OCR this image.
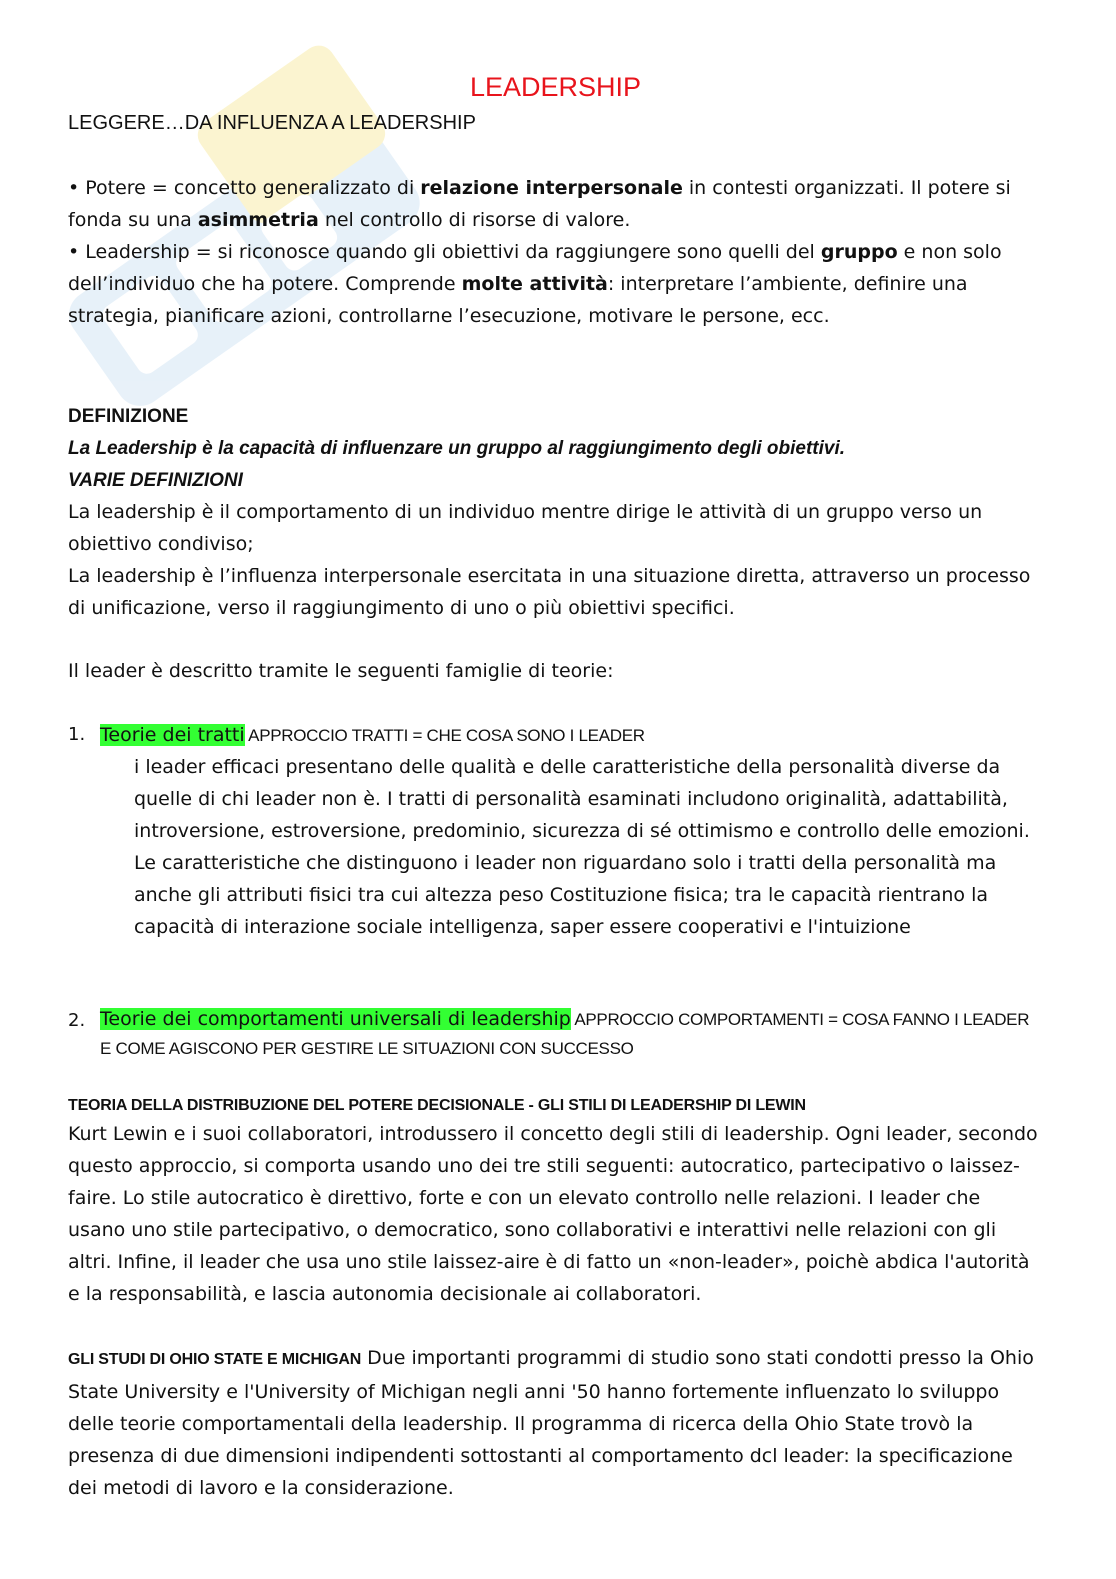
LEADERSHIP
LEGGERE…DA INFLUENZA A LEADERSHIP

• Potere = concetto generalizzato di relazione interpersonale in contesti organizzati. Il potere si fonda su una asimmetria nel controllo di risorse di valore.

• Leadership = si riconosce quando gli obiettivi da raggiungere sono quelli del gruppo e non solo dell’individuo che ha potere. Comprende molte attività: interpretare l’ambiente, definire una strategia, pianificare azioni, controllarne l’esecuzione, motivare le persone, ecc.

DEFINIZIONE

La Leadership è la capacità di influenzare un gruppo al raggiungimento degli obiettivi.

VARIE DEFINIZIONI

La leadership è il comportamento di un individuo mentre dirige le attività di un gruppo verso un obiettivo condiviso;

La leadership è l’influenza interpersonale esercitata in una situazione diretta, attraverso un processo di unificazione, verso il raggiungimento di uno o più obiettivi specifici.

Il leader è descritto tramite le seguenti famiglie di teorie:

1. Teorie dei tratti APPROCCIO TRATTI = CHE COSA SONO I LEADER

i leader efficaci presentano delle qualità e delle caratteristiche della personalità diverse da quelle di chi leader non è. I tratti di personalità esaminati includono originalità, adattabilità, introversione, estroversione, predominio, sicurezza di sé ottimismo e controllo delle emozioni. Le caratteristiche che distinguono i leader non riguardano solo i tratti della personalità ma anche gli attributi fisici tra cui altezza peso Costituzione fisica; tra le capacità rientrano la capacità di interazione sociale intelligenza, saper essere cooperativi e l'intuizione

2. Teorie dei comportamenti universali di leadership APPROCCIO COMPORTAMENTI = COSA FANNO I LEADER E COME AGISCONO PER GESTIRE LE SITUAZIONI CON SUCCESSO

TEORIA DELLA DISTRIBUZIONE DEL POTERE DECISIONALE - GLI STILI DI LEADERSHIP DI LEWIN

Kurt Lewin e i suoi collaboratori, introdussero il concetto degli stili di leadership. Ogni leader, secondo questo approccio, si comporta usando uno dei tre stili seguenti: autocratico, partecipativo o laissez-faire. Lo stile autocratico è direttivo, forte e con un elevato controllo nelle relazioni. I leader che usano uno stile partecipativo, o democratico, sono collaborativi e interattivi nelle relazioni con gli altri. Infine, il leader che usa uno stile laissez-aire è di fatto un «non-leader», poichè abdica l'autorità e la responsabilità, e lascia autonomia decisionale ai collaboratori.

GLI STUDI DI OHIO STATE E MICHIGAN Due importanti programmi di studio sono stati condotti presso la Ohio State University e l'University of Michigan negli anni '50 hanno fortemente influenzato lo sviluppo delle teorie comportamentali della leadership. Il programma di ricerca della Ohio State trovò la presenza di due dimensioni indipendenti sottostanti al comportamento dcl leader: la specificazione dei metodi di lavoro e la considerazione.
